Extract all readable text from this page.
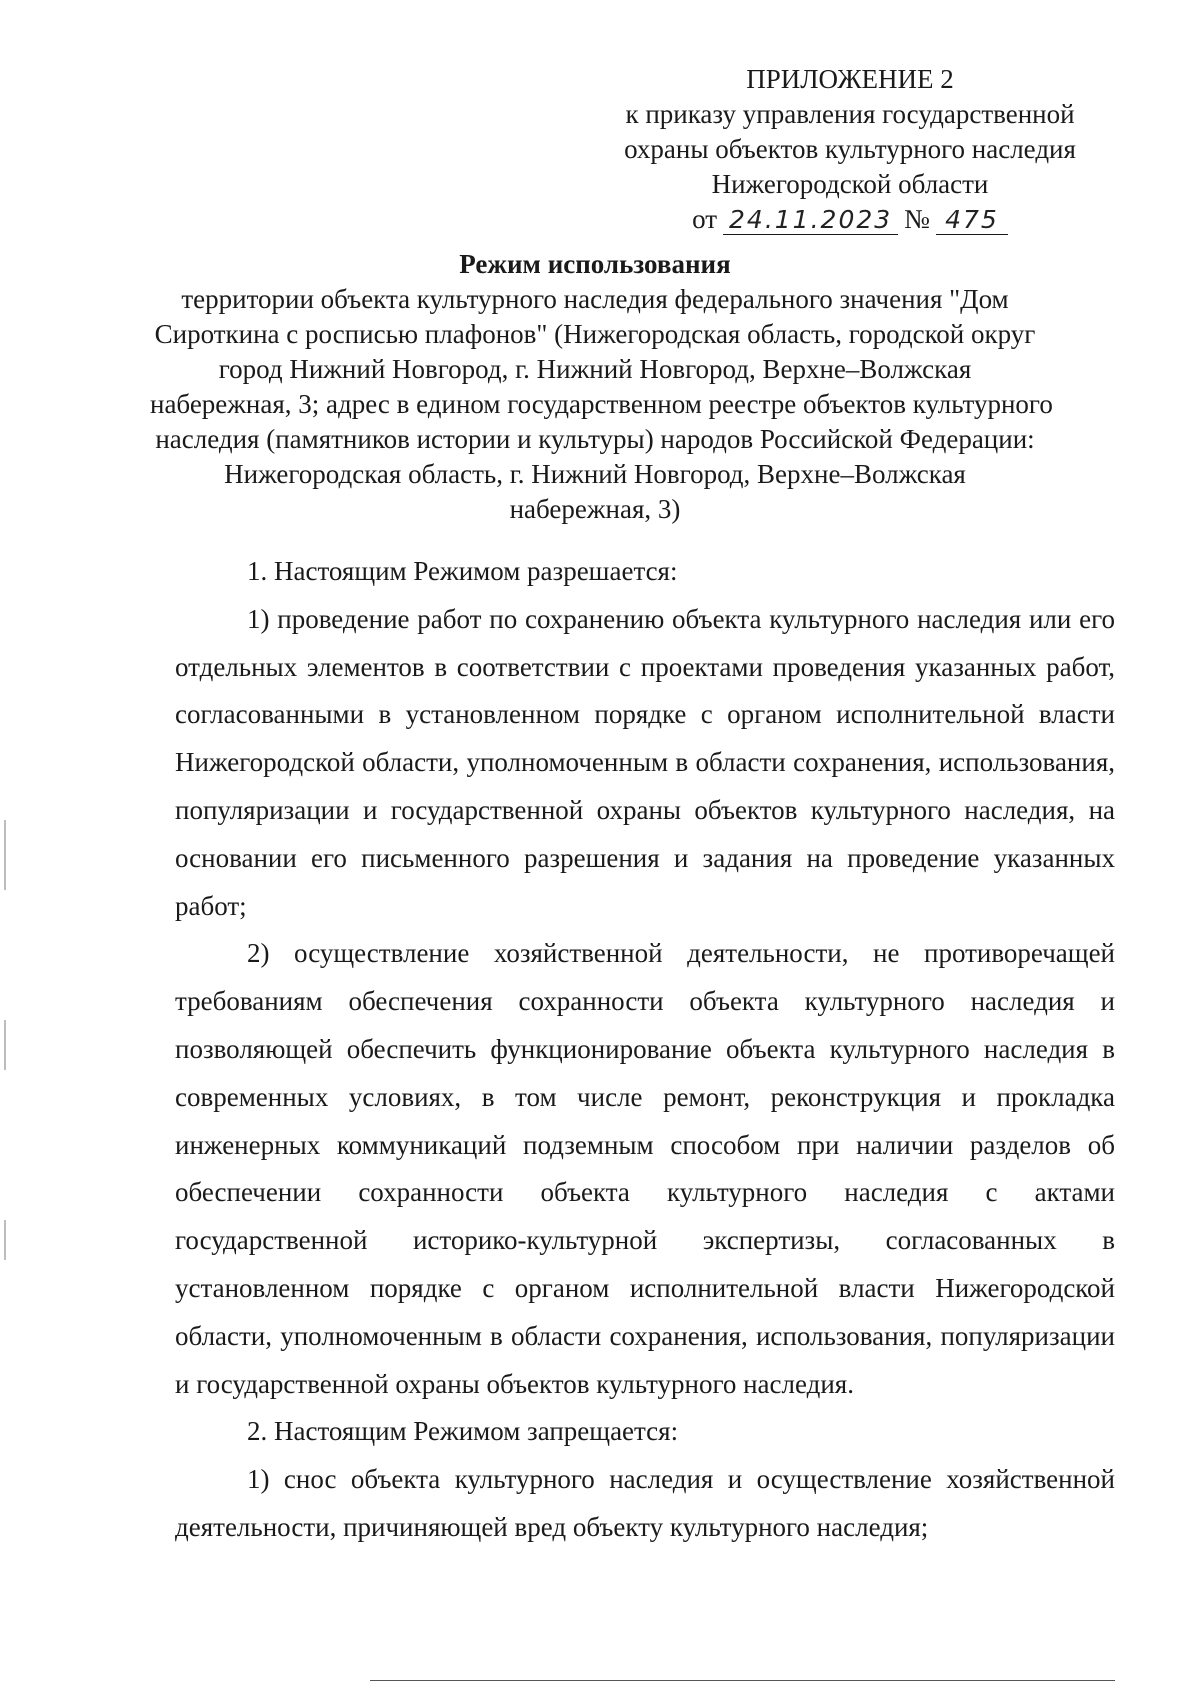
ПРИЛОЖЕНИЕ 2
к приказу управления государственной
охраны объектов культурного наследия
Нижегородской области
от 24.11.2023 № 475
Режим использования
территории объекта культурного наследия федерального значения "Дом
Сироткина с росписью плафонов" (Нижегородская область, городской округ
город Нижний Новгород, г. Нижний Новгород, Верхне–Волжская
набережная, 3; адрес в едином государственном реестре объектов культурного
наследия (памятников истории и культуры) народов Российской Федерации:
Нижегородская область, г. Нижний Новгород, Верхне–Волжская
набережная, 3)

1. Настоящим Режимом разрешается:

1) проведение работ по сохранению объекта культурного наследия или его отдельных элементов в соответствии с проектами проведения указанных работ, согласованными в установленном порядке с органом исполнительной власти Нижегородской области, уполномоченным в области сохранения, использования, популяризации и государственной охраны объектов культурного наследия, на основании его письменного разрешения и задания на проведение указанных работ;

2) осуществление хозяйственной деятельности, не противоречащей требованиям обеспечения сохранности объекта культурного наследия и позволяющей обеспечить функционирование объекта культурного наследия в современных условиях, в том числе ремонт, реконструкция и прокладка инженерных коммуникаций подземным способом при наличии разделов об обеспечении сохранности объекта культурного наследия с актами государственной историко-культурной экспертизы, согласованных в установленном порядке с органом исполнительной власти Нижегородской области, уполномоченным в области сохранения, использования, популяризации и государственной охраны объектов культурного наследия.

2. Настоящим Режимом запрещается:

1) снос объекта культурного наследия и осуществление хозяйственной деятельности, причиняющей вред объекту культурного наследия;
